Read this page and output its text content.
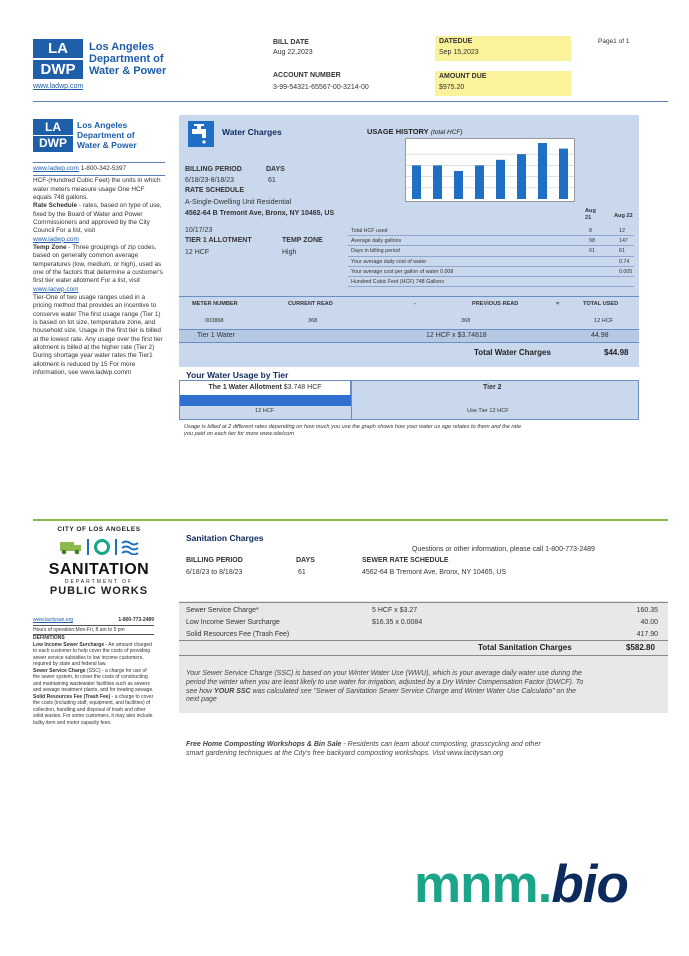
LA
DWP
Los Angeles
Department of
Water & Power
www.ladwp.com
BILL DATE
Aug 22,2023
ACCOUNT NUMBER
3-99-54321-65567-00-3214-00
DATEDUE
Sep 15,2023
AMOUNT DUE
$975.20
Page1 of 1
LA
DWP
Los Angeles
Department of
Water & Power
www.ladwp.com 1-800-342-5397
HCF-(Hundred Cubic Feet) the units in which water meters measure usage One HCF equals 748 gallons.
Rate Schedule - rates, based on type of use, fixed by the Board of Water and Power Commissioners and approved by the City Council For a list, visit
www.ladwp.com
Temp Zone - Three groupings of zip codes, based on generally common average temperatures (low, medium, or high), used as one of the factors that determine a customer's first tier water allotment For a list, visit
www.lacwp.com
Tier-One of two usage ranges used in a pricing method that provides an incentive to conserve water The first usage range (Tier 1) is based on lot size, temperature zone, and household size. Usage in the first tier is billed at the lowest rate. Any usage over the first tier allotment is billed at the higher rate (Tier 2) During shortage year water rates the Tier1 allotment is reduced by 15 For more information, see www.ladwp.comm
Water Charges	USAGE HISTORY (total HCF)
BILLING PERIOD	DAYS
6/18/23-8/18/23	61
RATE SCHEDULE
A-Single-Dwelling Unit Residential
4562-64 B Tremont Ave, Bronx, NY 10465, US
10/17/23
TIER 1 ALLOTMENT
12 HCF
TEMP ZONE
High
Aug 21	Aug 22
Total HCF used	8	12
Average daily gallons	98	147
Days in billing period	61	61
Your average daily cost of water	0.74
Your average cost per gallon of water 0.008	0.005
Hundred Cubic Feet (HCF) 748 Gallons
METER NUMBER	CURRENT READ	-	PREVIOUS READ	=	TOTAL USED
003868	368	368	12 HCF
Tier 1 Water	12 HCF x $3.74818	44.98
Total Water Charges	$44.98
Your Water Usage by Tier
The 1 Water Allotment $3.748 HCF	Tier 2
12 HCF	Use Tier 12 HCF
Usage is billed at 2 different rates depending on how much you use the graph shows how your water us age relates to them and the rate you paid on each tier for more www.site/com
CITY OF LOS ANGELES
SANITATION
DEPARTMENT OF
PUBLIC WORKS
www.lacitysan.org	1-800-773-2489
Hours of operation:Mon-Fri, 8 am to 5 pm
DEFINITIONS
Low Income Sewer Surcharge - An amount charged to each customer to help cover the costs of providing sewer service subsidies to low income customers, required by state and federal law.
Sewer Service Charge (SSC) - a charge for use of the sewer system, to cover the costs of constructing and maintaining wastewater facilities such as sewers and sewage treatment plants, and for treating sewage.
Solid Resources Fee (Trash Fee) - a charge to cover the costs (including staff, equipment, and facilities) of collection, handling and disposal of trash and other solid wastes. For some customers, it may also include bulky item and motor capacity fees.
Sanitation Charges
Questions or other information, please call 1-800-773-2489
BILLING PERIOD
6/18/23 to 8/18/23
DAYS
61
SEWER RATE SCHEDULE
4562-64 B Tremont Ave, Bronx, NY 10465, US
Sewer Service Charge*	5 HCF x $3.27	160.35
Low Income Sewer Surcharge	$16.35 x 0.0084	40.00
Solid Resources Fee (Trash Fee)	417.90
Total Sanitation Charges	$582.80
Your Sewer Service Charge (SSC) is based on your Winter Water Use (WWU), which is your average daily water use during the period the winter when you are least likely to use water for irrigation, adjusted by a Dry Winter Compensation Factor (DWCF). To see how YOUR SSC was calculated see "Sewer of Sanitation Sewer Service Charge and Winter Water Use Calculatio" on the next page
Free Home Composting Workshops & Bin Sale - Residents can learn about composting, grasscycling and other smart gardening techniques at the City's free backyard composting workshops. Visit www.lacitysan.org
mnm.bio
